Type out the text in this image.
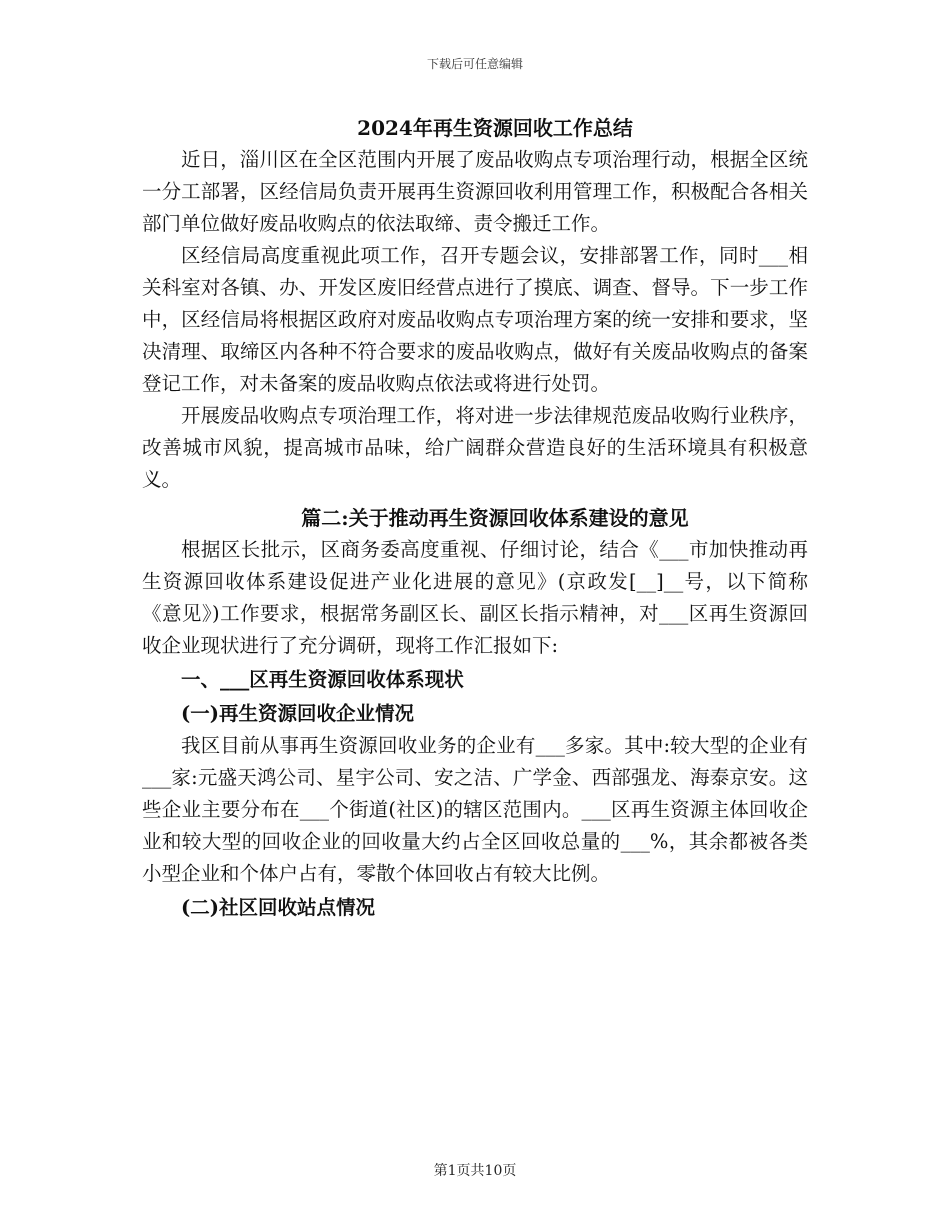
下载后可任意编辑

2024年再生资源回收工作总结

近日，淄川区在全区范围内开展了废品收购点专项治理行动，根据全区统一分工部署，区经信局负责开展再生资源回收利用管理工作，积极配合各相关部门单位做好废品收购点的依法取缔、责令搬迁工作。

区经信局高度重视此项工作，召开专题会议，安排部署工作，同时___相关科室对各镇、办、开发区废旧经营点进行了摸底、调查、督导。下一步工作中，区经信局将根据区政府对废品收购点专项治理方案的统一安排和要求，坚决清理、取缔区内各种不符合要求的废品收购点，做好有关废品收购点的备案登记工作，对未备案的废品收购点依法或将进行处罚。

开展废品收购点专项治理工作，将对进一步法律规范废品收购行业秩序，改善城市风貌，提高城市品味，给广阔群众营造良好的生活环境具有积极意义。

篇二:关于推动再生资源回收体系建设的意见

根据区长批示，区商务委高度重视、仔细讨论，结合《___市加快推动再生资源回收体系建设促进产业化进展的意见》(京政发[__]__号，以下简称《意见》)工作要求，根据常务副区长、副区长指示精神，对___区再生资源回收企业现状进行了充分调研，现将工作汇报如下:

一、___区再生资源回收体系现状

(一)再生资源回收企业情况

我区目前从事再生资源回收业务的企业有___多家。其中:较大型的企业有___家:元盛天鸿公司、星宇公司、安之洁、广学金、西部强龙、海泰京安。这些企业主要分布在___个街道(社区)的辖区范围内。___区再生资源主体回收企业和较大型的回收企业的回收量大约占全区回收总量的___%，其余都被各类小型企业和个体户占有，零散个体回收占有较大比例。

(二)社区回收站点情况

第1页共10页
